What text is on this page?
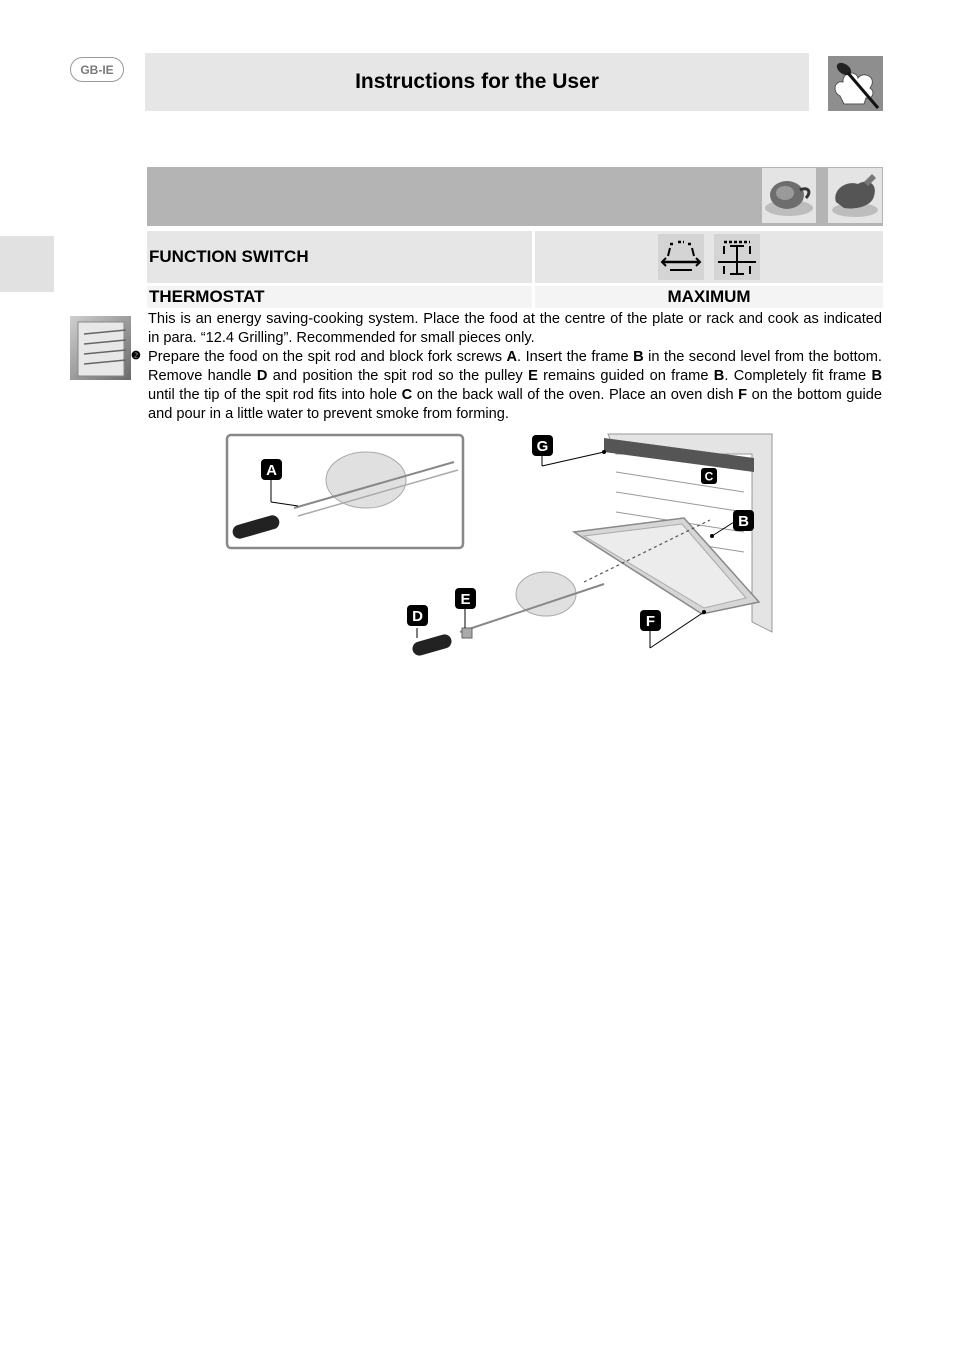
GB-IE
Instructions for the User
FUNCTION SWITCH
THERMOSTAT	MAXIMUM
❷

This is an energy saving-cooking system. Place the food at the centre of the plate or rack and cook as indicated in para. “12.4 Grilling”. Recommended for small pieces only.

Prepare the food on the spit rod and block fork screws A. Insert the frame B in the second level from the bottom. Remove handle D and position the spit rod so the pulley E remains guided on frame B. Completely fit frame B until the tip of the spit rod fits into hole C on the back wall of the oven. Place an oven dish F on the bottom guide and pour in a little water to prevent smoke from forming.

A
G
C
B
E
D	F
